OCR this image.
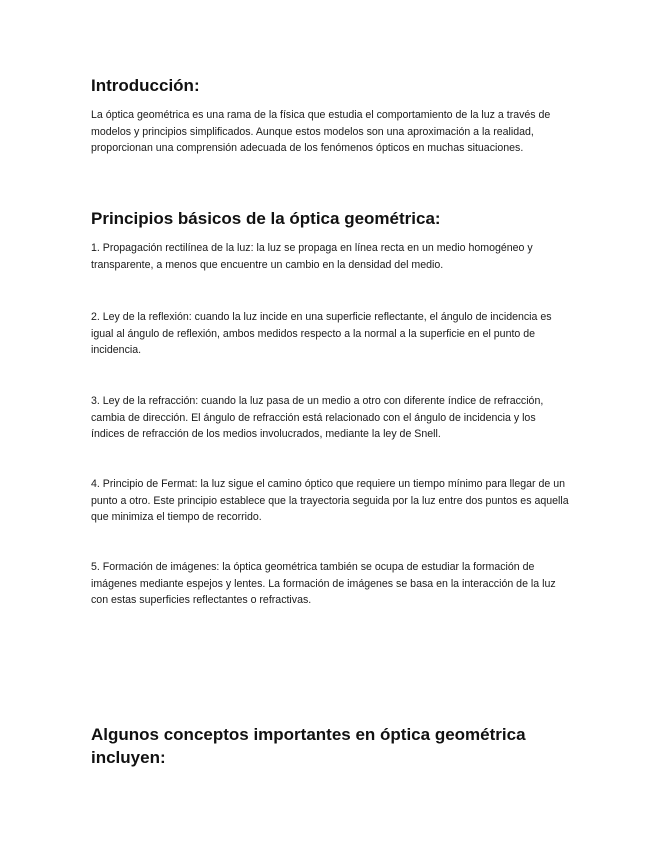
Introducción:

La óptica geométrica es una rama de la física que estudia el comportamiento de la luz a través de modelos y principios simplificados. Aunque estos modelos son una aproximación a la realidad, proporcionan una comprensión adecuada de los fenómenos ópticos en muchas situaciones.

Principios básicos de la óptica geométrica:

1. Propagación rectilínea de la luz: la luz se propaga en línea recta en un medio homogéneo y transparente, a menos que encuentre un cambio en la densidad del medio.

2. Ley de la reflexión: cuando la luz incide en una superficie reflectante, el ángulo de incidencia es igual al ángulo de reflexión, ambos medidos respecto a la normal a la superficie en el punto de incidencia.

3. Ley de la refracción: cuando la luz pasa de un medio a otro con diferente índice de refracción, cambia de dirección. El ángulo de refracción está relacionado con el ángulo de incidencia y los índices de refracción de los medios involucrados, mediante la ley de Snell.

4. Principio de Fermat: la luz sigue el camino óptico que requiere un tiempo mínimo para llegar de un punto a otro. Este principio establece que la trayectoria seguida por la luz entre dos puntos es aquella que minimiza el tiempo de recorrido.

5. Formación de imágenes: la óptica geométrica también se ocupa de estudiar la formación de imágenes mediante espejos y lentes. La formación de imágenes se basa en la interacción de la luz con estas superficies reflectantes o refractivas.

Algunos conceptos importantes en óptica geométrica incluyen:
